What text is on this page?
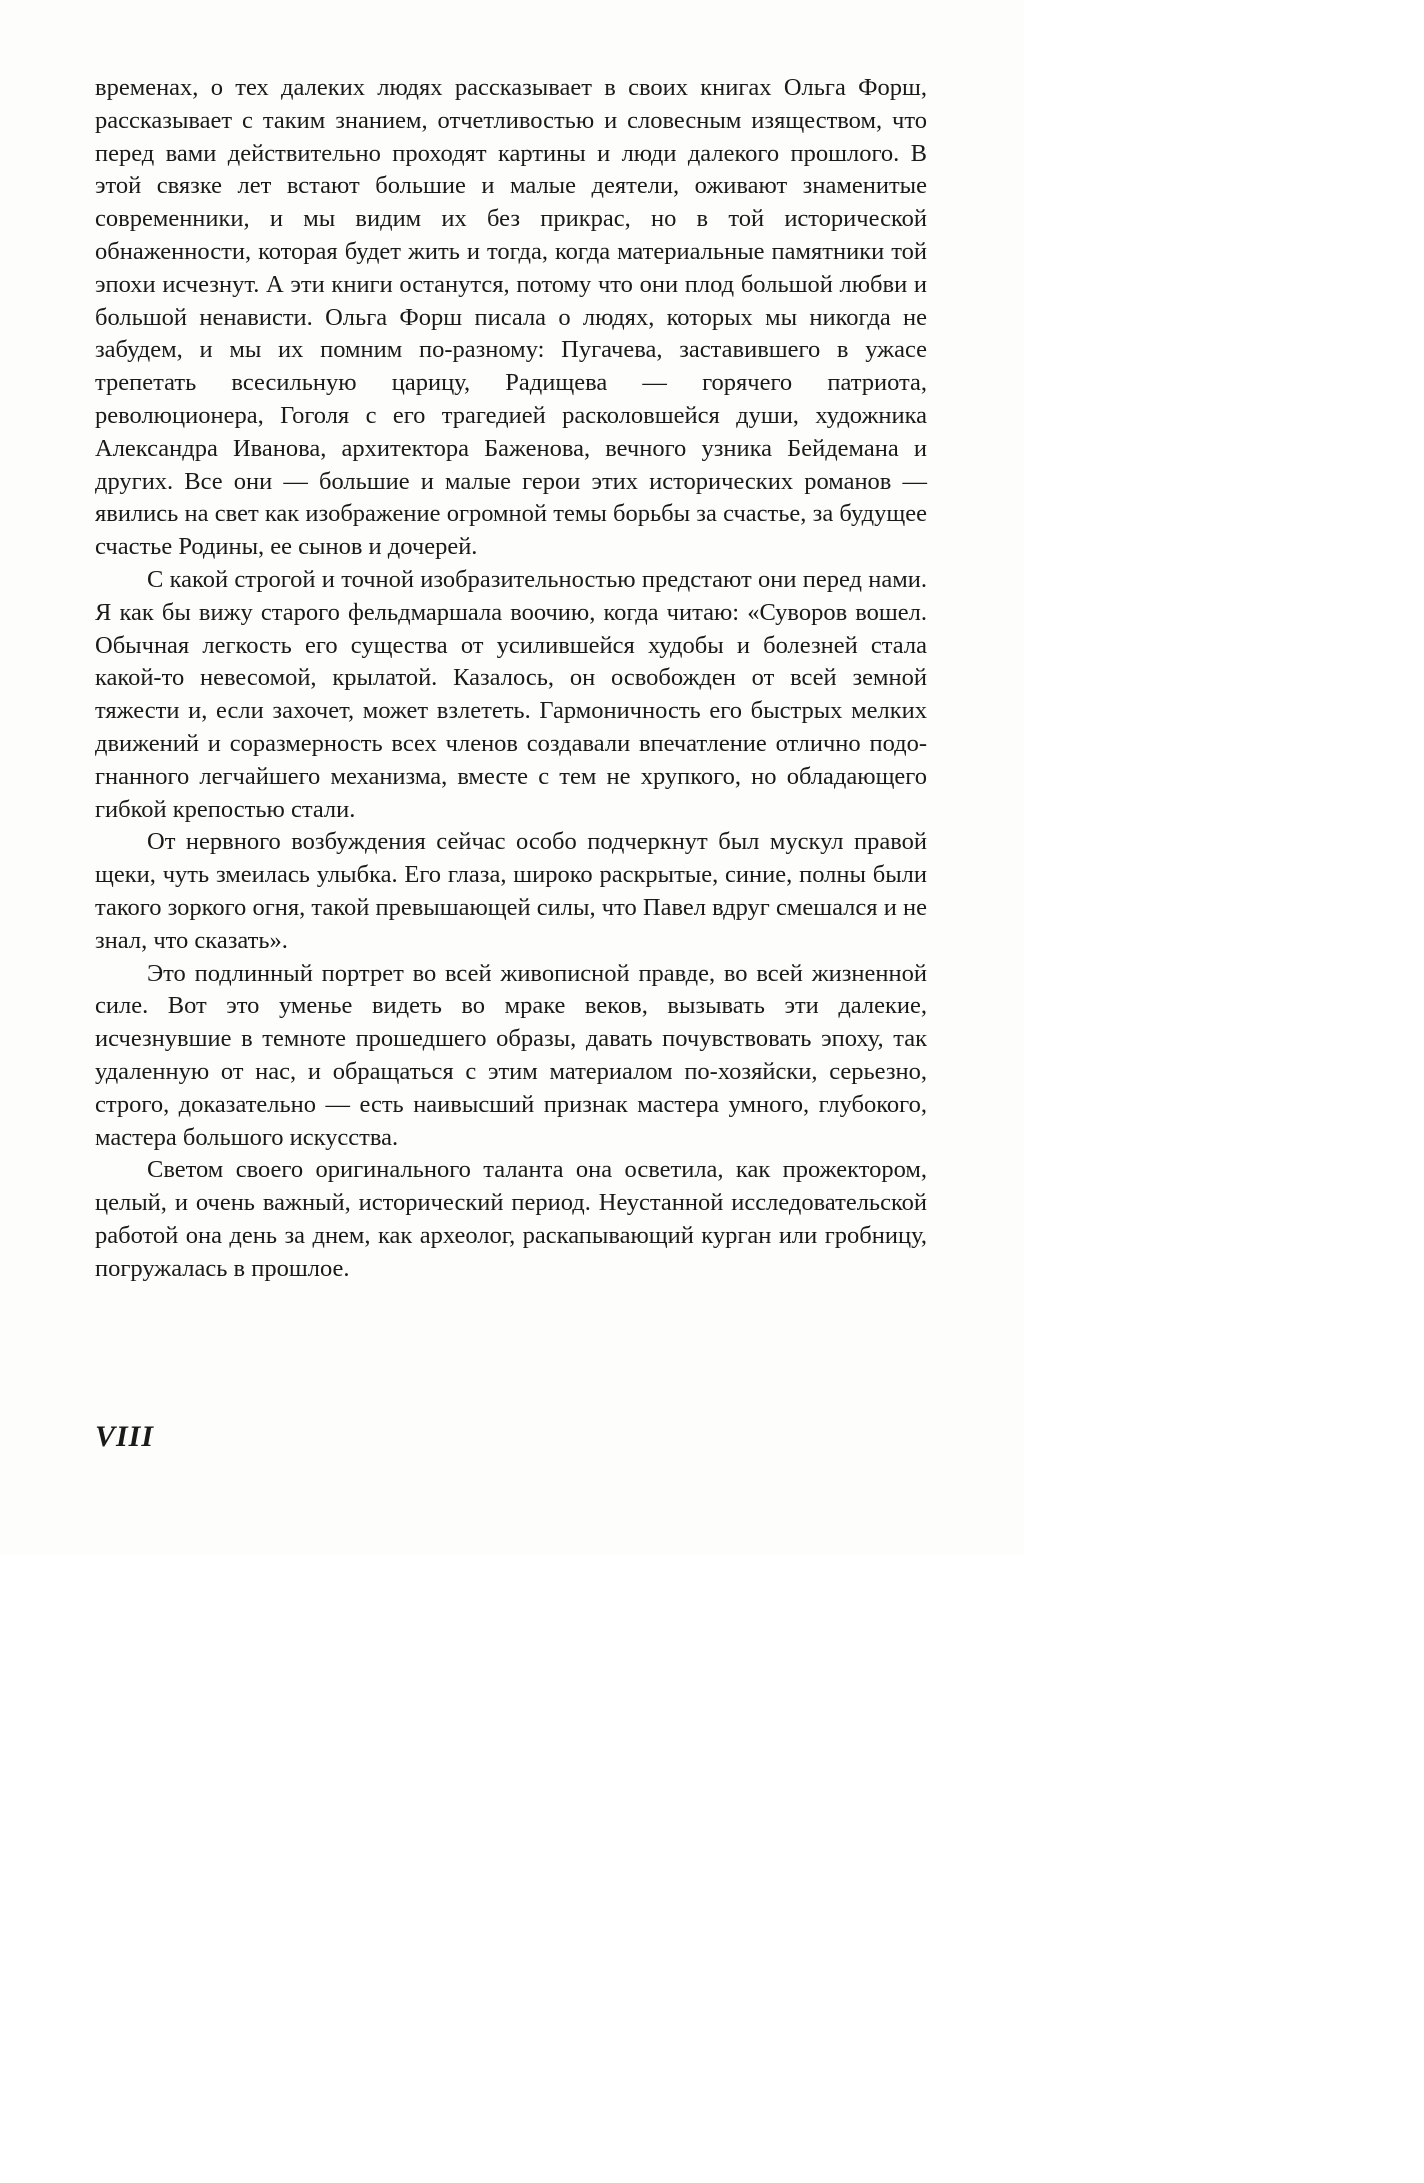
временах, о тех далеких людях рассказывает в своих книгах Ольга Форш, рассказывает с таким знанием, отчетливостью и словесным изяществом, что перед вами действительно проходят картины и люди далекого прошлого. В этой связке лет встают большие и малые деятели, оживают знаменитые современники, и мы видим их без прикрас, но в той исторической обнаженности, которая будет жить и тогда, когда материальные памятники той эпохи исчезнут. А эти книги останутся, потому что они плод большой любви и большой ненависти. Ольга Форш писала о людях, которых мы никогда не забудем, и мы их помним по-разному: Пугачева, заставившего в ужасе трепетать всесильную царицу, Радищева — горячего патриота, революционера, Гоголя с его трагедией расколовшейся души, художника Александра Иванова, архитектора Баженова, вечного узника Бейдемана и других. Все они — большие и малые герои этих исторических романов — явились на свет как изображение огромной темы борьбы за счастье, за будущее счастье Родины, ее сынов и дочерей.

С какой строгой и точной изобразительностью предстают они перед нами. Я как бы вижу старого фельдмаршала воочию, когда читаю: «Суворов вошел. Обычная легкость его существа от усилившейся худобы и болезней стала какой-то невесомой, крылатой. Казалось, он освобожден от всей земной тяжести и, если захочет, может взлететь. Гармоничность его быстрых мелких движений и соразмерность всех членов создавали впечатление отлично подогнанного легчайшего механизма, вместе с тем не хрупкого, но обладающего гибкой крепостью стали.

От нервного возбуждения сейчас особо подчеркнут был мускул правой щеки, чуть змеилась улыбка. Его глаза, широко раскрытые, синие, полны были такого зоркого огня, такой превышающей силы, что Павел вдруг смешался и не знал, что сказать».

Это подлинный портрет во всей живописной правде, во всей жизненной силе. Вот это уменье видеть во мраке веков, вызывать эти далекие, исчезнувшие в темноте прошедшего образы, давать почувствовать эпоху, так удаленную от нас, и обращаться с этим материалом по-хозяйски, серьезно, строго, доказательно — есть наивысший признак мастера умного, глубокого, мастера большого искусства.

Светом своего оригинального таланта она осветила, как прожектором, целый, и очень важный, исторический период. Неустанной исследовательской работой она день за днем, как археолог, раскапывающий курган или гробницу, погружалась в прошлое.

VIII
